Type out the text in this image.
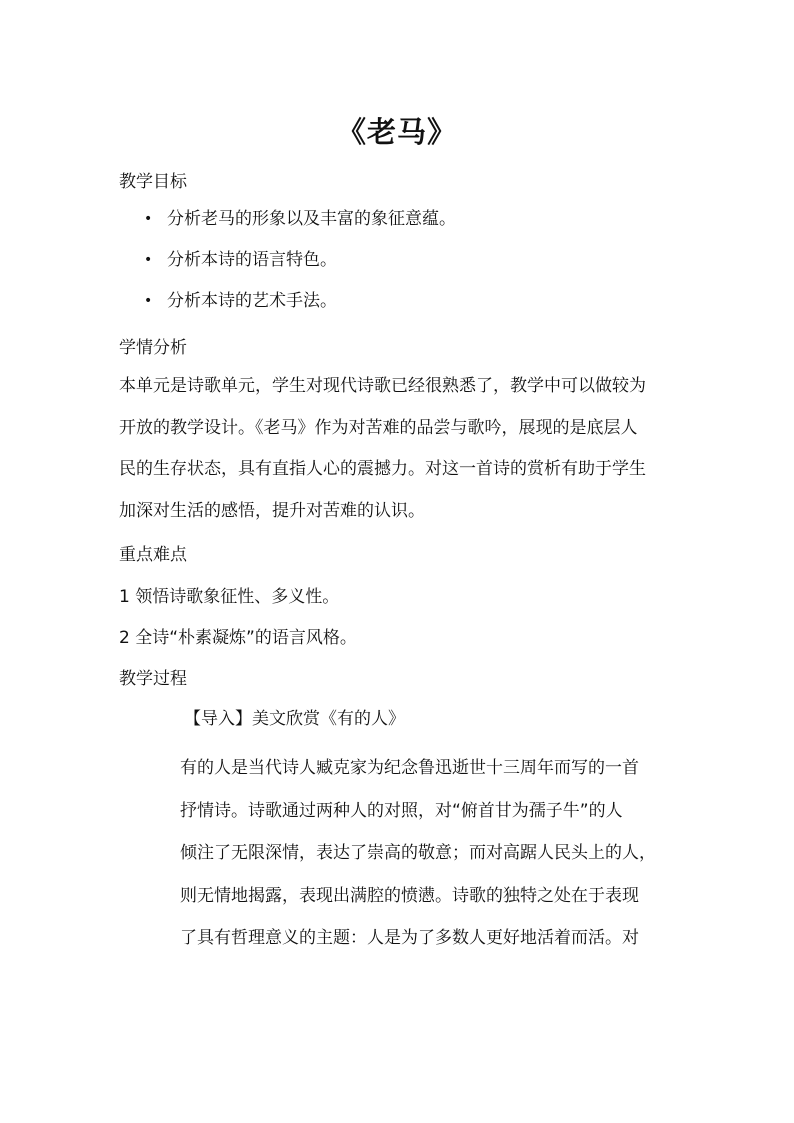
《老马》
教学目标
• 分析老马的形象以及丰富的象征意蕴。
• 分析本诗的语言特色。
• 分析本诗的艺术手法。
学情分析
本单元是诗歌单元，学生对现代诗歌已经很熟悉了，教学中可以做较为
开放的教学设计。《老马》作为对苦难的品尝与歌吟，展现的是底层人
民的生存状态，具有直指人心的震撼力。对这一首诗的赏析有助于学生
加深对生活的感悟，提升对苦难的认识。
重点难点
1 领悟诗歌象征性、多义性。
2 全诗“朴素凝炼”的语言风格。
教学过程
【导入】美文欣赏《有的人》
有的人是当代诗人臧克家为纪念鲁迅逝世十三周年而写的一首
抒情诗。诗歌通过两种人的对照，对“俯首甘为孺子牛”的人
倾注了无限深情，表达了崇高的敬意；而对高踞人民头上的人，
则无情地揭露，表现出满腔的愤懑。诗歌的独特之处在于表现
了具有哲理意义的主题：人是为了多数人更好地活着而活。对
